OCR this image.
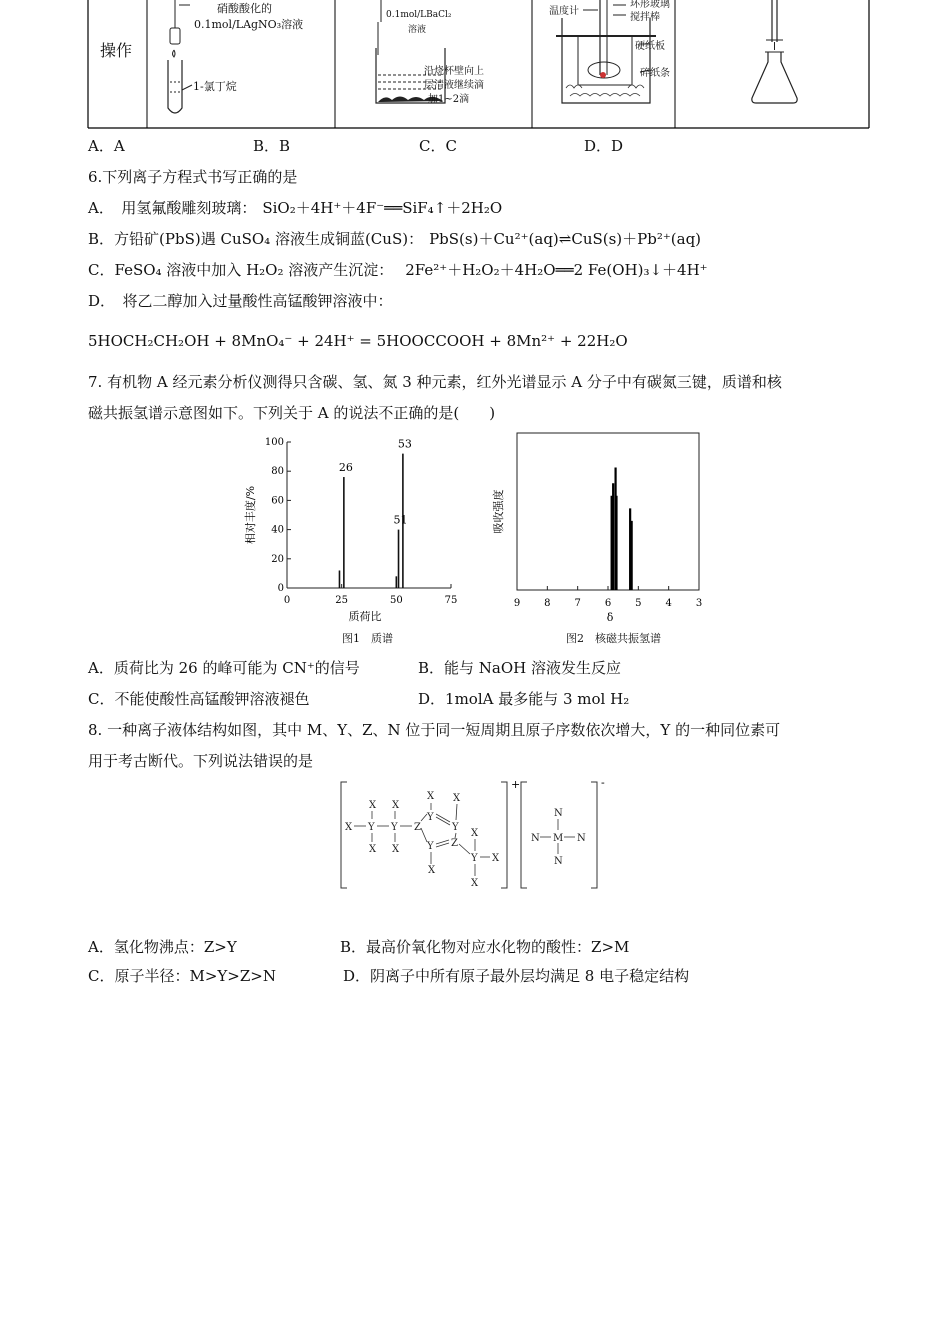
操作
硝酸酸化的
0.1mol/LAgNO₃溶液
1-氯丁烷
0.1mol/LBaCl₂
溶液
沿烧杯壁向上
层清液继续滴
加1~2滴
温度计
环形玻璃
搅拌棒
硬纸板
碎纸条
A．A	B．B	C．C	D．D
6.下列离子方程式书写正确的是
A．　用氢氟酸雕刻玻璃： SiO₂＋4H⁺＋4F⁻══SiF₄↑＋2H₂O
B．方铅矿(PbS)遇 CuSO₄ 溶液生成铜蓝(CuS)： PbS(s)＋Cu²⁺(aq)⇌CuS(s)＋Pb²⁺(aq)
C．FeSO₄ 溶液中加入 H₂O₂ 溶液产生沉淀： 2Fe²⁺＋H₂O₂＋4H₂O══2 Fe(OH)₃↓＋4H⁺
D．　将乙二醇加入过量酸性高锰酸钾溶液中：
5HOCH₂CH₂OH + 8MnO₄⁻ + 24H⁺ = 5HOOCCOOH + 8Mn²⁺ + 22H₂O
7. 有机物 A 经元素分析仪测得只含碳、氢、氮 3 种元素，红外光谱显示 A 分子中有碳氮三键，质谱和核
磁共振氢谱示意图如下。下列关于 A 的说法不正确的是(　　)
0
20
40
60
80
100
0	25	50	75
26
51
53
质荷比
相对丰度/%
9 8 7 6 5 4 3
δ
吸收强度
图1　质谱	图2　核磁共振氢谱
A．质荷比为 26 的峰可能为 CN⁺的信号	B．能与 NaOH 溶液发生反应
C．不能使酸性高锰酸钾溶液褪色	D．1molA 最多能与 3 mol H₂
8. 一种离子液体结构如图，其中 M、Y、Z、N 位于同一短周期且原子序数依次增大，Y 的一种同位素可
用于考古断代。下列说法错误的是
X X
X Y Y Z
X X
X X
Y
Y
Y Z
X
Y X
X
X
N
N M N
N
+	-
A．氢化物沸点：Z>Y	B．最高价氧化物对应水化物的酸性：Z>M
C．原子半径：M>Y>Z>N	D．阴离子中所有原子最外层均满足 8 电子稳定结构
